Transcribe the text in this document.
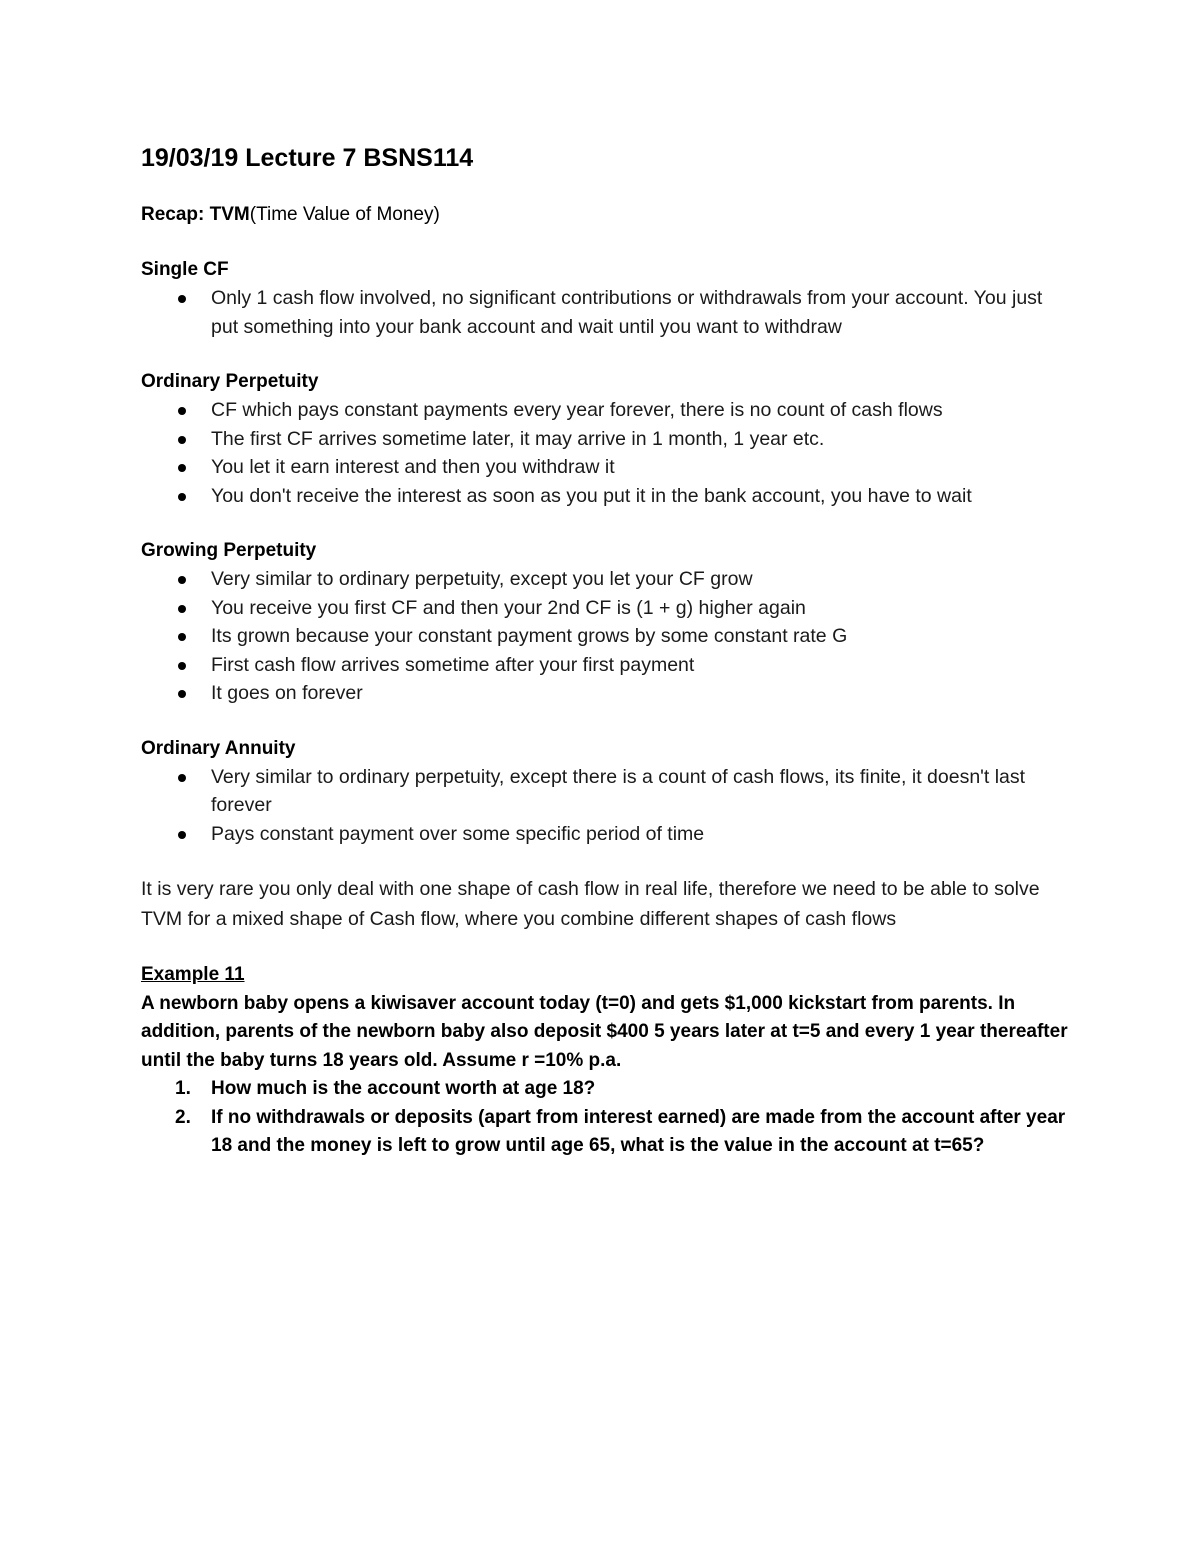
19/03/19 Lecture 7 BSNS114
Recap: TVM(Time Value of Money)
Single CF
Only 1 cash flow involved, no significant contributions or withdrawals from your account. You just put something into your bank account and wait until you want to withdraw
Ordinary Perpetuity
CF which pays constant payments every year forever, there is no count of cash flows
The first CF arrives sometime later, it may arrive in 1 month, 1 year etc.
You let it earn interest and then you withdraw it
You don't receive the interest as soon as you put it in the bank account, you have to wait
Growing Perpetuity
Very similar to ordinary perpetuity, except you let your CF grow
You receive you first CF and then your 2nd CF is (1 + g) higher again
Its grown because your constant payment grows by some constant rate G
First cash flow arrives sometime after your first payment
It goes on forever
Ordinary Annuity
Very similar to ordinary perpetuity, except there is a count of cash flows, its finite, it doesn't last forever
Pays constant payment over some specific period of time

It is very rare you only deal with one shape of cash flow in real life, therefore we need to be able to solve TVM for a mixed shape of Cash flow, where you combine different shapes of cash flows

Example 11
A newborn baby opens a kiwisaver account today (t=0) and gets $1,000 kickstart from parents. In addition, parents of the newborn baby also deposit $400 5 years later at t=5 and every 1 year thereafter until the baby turns 18 years old. Assume r =10% p.a.
1. How much is the account worth at age 18?
2. If no withdrawals or deposits (apart from interest earned) are made from the account after year 18 and the money is left to grow until age 65, what is the value in the account at t=65?
